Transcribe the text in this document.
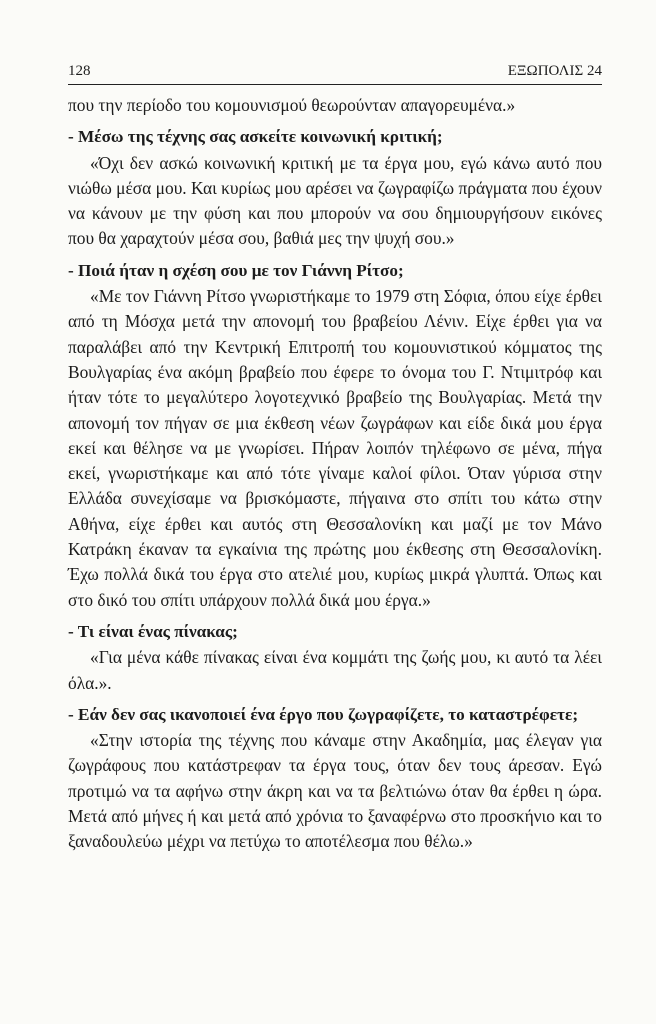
128	ΕΞΩΠΟΛΙΣ 24

που την περίοδο του κομουνισμού θεωρούνταν απαγορευμένα.»

- Μέσω της τέχνης σας ασκείτε κοινωνική κριτική;

«Όχι δεν ασκώ κοινωνική κριτική με τα έργα μου, εγώ κάνω αυτό που νιώθω μέσα μου. Και κυρίως μου αρέσει να ζωγραφίζω πράγματα που έχουν να κάνουν με την φύση και που μπορούν να σου δημιουργήσουν εικόνες που θα χαραχτούν μέσα σου, βαθιά μες την ψυχή σου.»

- Ποιά ήταν η σχέση σου με τον Γιάννη Ρίτσο;

«Με τον Γιάννη Ρίτσο γνωριστήκαμε το 1979 στη Σόφια, όπου είχε έρθει από τη Μόσχα μετά την απονομή του βραβείου Λένιν. Είχε έρθει για να παραλάβει από την Κεντρική Επιτροπή του κομουνιστικού κόμματος της Βουλγαρίας ένα ακόμη βραβείο που έφερε το όνομα του Γ. Ντιμιτρόφ και ήταν τότε το μεγαλύτερο λογοτεχνικό βραβείο της Βουλγαρίας. Μετά την απονομή τον πήγαν σε μια έκθεση νέων ζωγράφων και είδε δικά μου έργα εκεί και θέλησε να με γνωρίσει. Πήραν λοιπόν τηλέφωνο σε μένα, πήγα εκεί, γνωριστήκαμε και από τότε γίναμε καλοί φίλοι. Όταν γύρισα στην Ελλάδα συνεχίσαμε να βρισκόμαστε, πήγαινα στο σπίτι του κάτω στην Αθήνα, είχε έρθει και αυτός στη Θεσσαλονίκη και μαζί με τον Μάνο Κατράκη έκαναν τα εγκαίνια της πρώτης μου έκθεσης στη Θεσσαλονίκη. Έχω πολλά δικά του έργα στο ατελιέ μου, κυρίως μικρά γλυπτά. Όπως και στο δικό του σπίτι υπάρχουν πολλά δικά μου έργα.»

- Τι είναι ένας πίνακας;

«Για μένα κάθε πίνακας είναι ένα κομμάτι της ζωής μου, κι αυτό τα λέει όλα.».

- Εάν δεν σας ικανοποιεί ένα έργο που ζωγραφίζετε, το καταστρέφετε;

«Στην ιστορία της τέχνης που κάναμε στην Ακαδημία, μας έλεγαν για ζωγράφους που κατάστρεφαν τα έργα τους, όταν δεν τους άρεσαν. Εγώ προτιμώ να τα αφήνω στην άκρη και να τα βελτιώνω όταν θα έρθει η ώρα. Μετά από μήνες ή και μετά από χρόνια το ξαναφέρνω στο προσκήνιο και το ξαναδουλεύω μέχρι να πετύχω το αποτέλεσμα που θέλω.»
